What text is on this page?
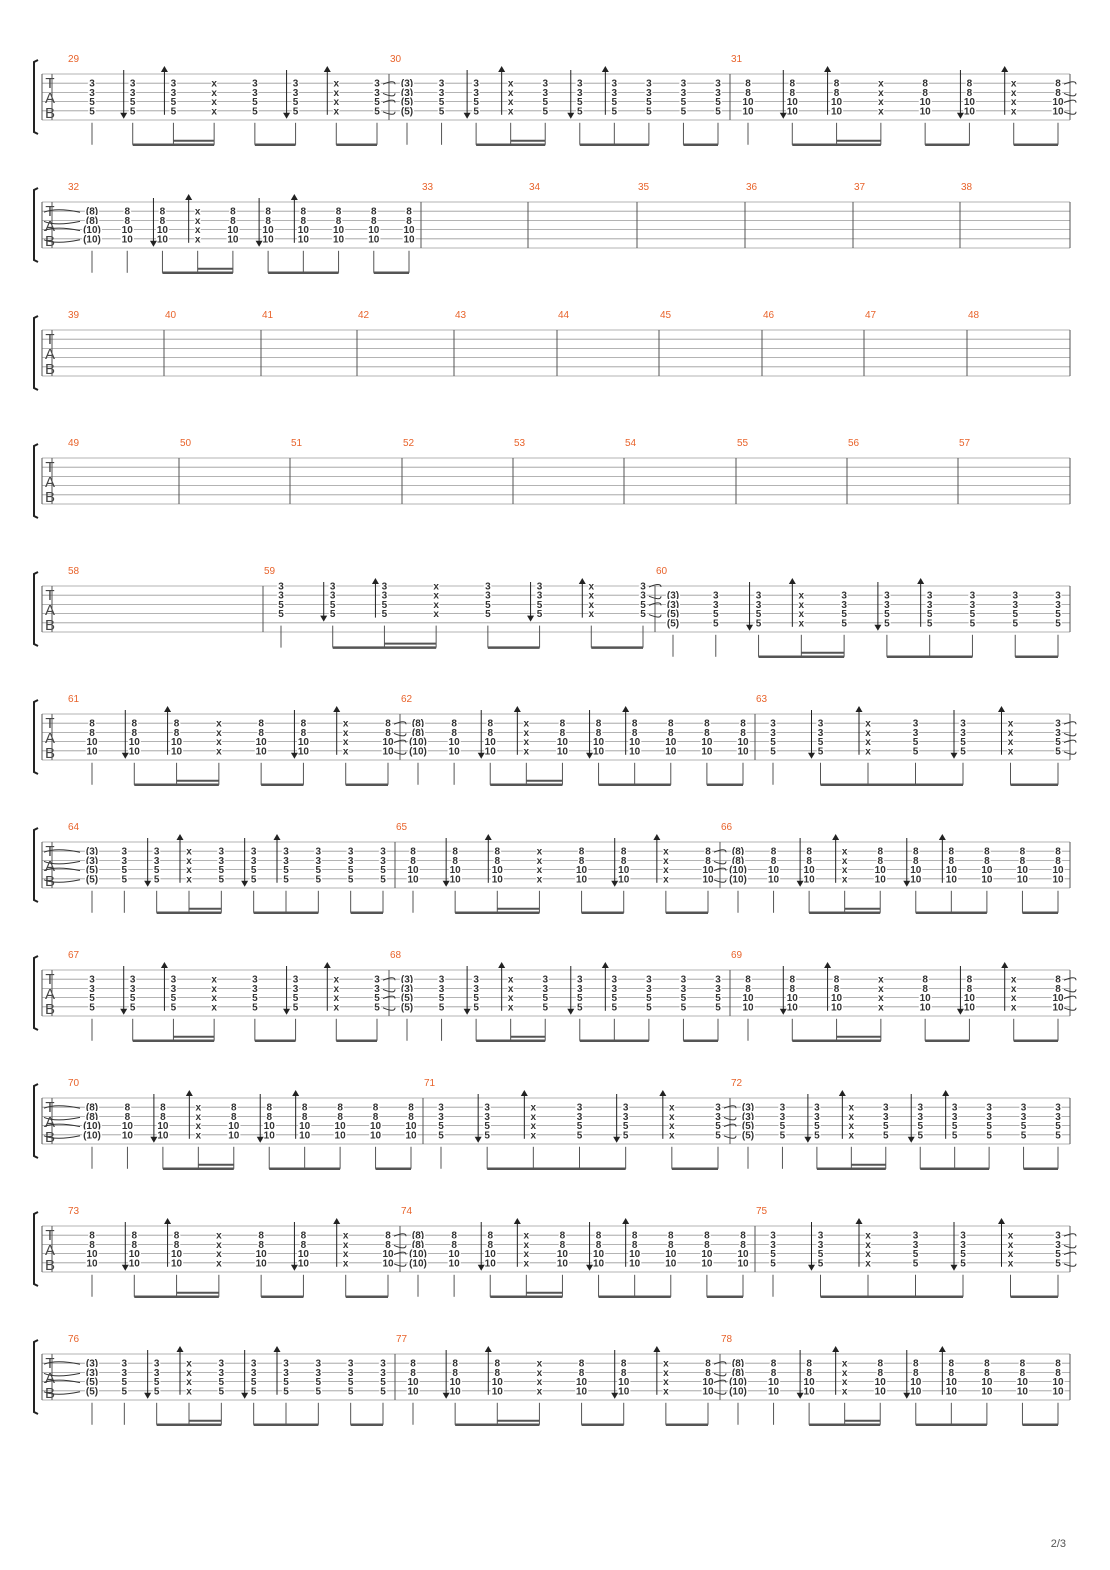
T
A
B
29
3
3
5
5
3
3
5
5
3
3
5
5
x
x
x
x
3
3
5
5
3
3
5
5
x
x
x
x
3
3
5
5
30
(3)
(3)
(5)
(5)
3
3
5
5
3
3
5
5
x
x
x
x
3
3
5
5
3
3
5
5
3
3
5
5
3
3
5
5
3
3
5
5
3
3
5
5
31
8
8
10
10
8
8
10
10
8
8
10
10
x
x
x
x
8
8
10
10
8
8
10
10
x
x
x
x
8
8
10
10
T
A
B
32
(8)
(8)
(10)
(10)
8
8
10
10
8
8
10
10
x
x
x
x
8
8
10
10
8
8
10
10
8
8
10
10
8
8
10
10
8
8
10
10
8
8
10
10
33	34	35	36	37	38
T
A
B
39	40	41	42	43	44	45	46	47	48
T
A
B
49	50	51	52	53	54	55	56	57
T
A
B
58	59
3
3
5
5
3
3
5
5
3
3
5
5
x
x
x
x
3
3
5
5
3
3
5
5
x
x
x
x
3
3
5
5
60
(3)
(3)
(5)
(5)
3
3
5
5
3
3
5
5
x
x
x
x
3
3
5
5
3
3
5
5
3
3
5
5
3
3
5
5
3
3
5
5
3
3
5
5
T
A
B
61
8
8
10
10
8
8
10
10
8
8
10
10
x
x
x
x
8
8
10
10
8
8
10
10
x
x
x
x
8
8
10
10
62
(8)
(8)
(10)
(10)
8
8
10
10
8
8
10
10
x
x
x
x
8
8
10
10
8
8
10
10
8
8
10
10
8
8
10
10
8
8
10
10
8
8
10
10
63
3
3
5
5
3
3
5
5
x
x
x
x
3
3
5
5
3
3
5
5
x
x
x
x
3
3
5
5
T
A
B
64
(3)
(3)
(5)
(5)
3
3
5
5
3
3
5
5
x
x
x
x
3
3
5
5
3
3
5
5
3
3
5
5
3
3
5
5
3
3
5
5
3
3
5
5
65
8
8
10
10
8
8
10
10
8
8
10
10
x
x
x
x
8
8
10
10
8
8
10
10
x
x
x
x
8
8
10
10
66
(8)
(8)
(10)
(10)
8
8
10
10
8
8
10
10
x
x
x
x
8
8
10
10
8
8
10
10
8
8
10
10
8
8
10
10
8
8
10
10
8
8
10
10
T
A
B
67
3
3
5
5
3
3
5
5
3
3
5
5
x
x
x
x
3
3
5
5
3
3
5
5
x
x
x
x
3
3
5
5
68
(3)
(3)
(5)
(5)
3
3
5
5
3
3
5
5
x
x
x
x
3
3
5
5
3
3
5
5
3
3
5
5
3
3
5
5
3
3
5
5
3
3
5
5
69
8
8
10
10
8
8
10
10
8
8
10
10
x
x
x
x
8
8
10
10
8
8
10
10
x
x
x
x
8
8
10
10
T
A
B
70
(8)
(8)
(10)
(10)
8
8
10
10
8
8
10
10
x
x
x
x
8
8
10
10
8
8
10
10
8
8
10
10
8
8
10
10
8
8
10
10
8
8
10
10
71
3
3
5
5
3
3
5
5
x
x
x
x
3
3
5
5
3
3
5
5
x
x
x
x
3
3
5
5
72
(3)
(3)
(5)
(5)
3
3
5
5
3
3
5
5
x
x
x
x
3
3
5
5
3
3
5
5
3
3
5
5
3
3
5
5
3
3
5
5
3
3
5
5
T
A
B
73
8
8
10
10
8
8
10
10
8
8
10
10
x
x
x
x
8
8
10
10
8
8
10
10
x
x
x
x
8
8
10
10
74
(8)
(8)
(10)
(10)
8
8
10
10
8
8
10
10
x
x
x
x
8
8
10
10
8
8
10
10
8
8
10
10
8
8
10
10
8
8
10
10
8
8
10
10
75
3
3
5
5
3
3
5
5
x
x
x
x
3
3
5
5
3
3
5
5
x
x
x
x
3
3
5
5
T
A
B
76
(3)
(3)
(5)
(5)
3
3
5
5
3
3
5
5
x
x
x
x
3
3
5
5
3
3
5
5
3
3
5
5
3
3
5
5
3
3
5
5
3
3
5
5
77
8
8
10
10
8
8
10
10
8
8
10
10
x
x
x
x
8
8
10
10
8
8
10
10
x
x
x
x
8
8
10
10
78
(8)
(8)
(10)
(10)
8
8
10
10
8
8
10
10
x
x
x
x
8
8
10
10
8
8
10
10
8
8
10
10
8
8
10
10
8
8
10
10
8
8
10
10
2/3
